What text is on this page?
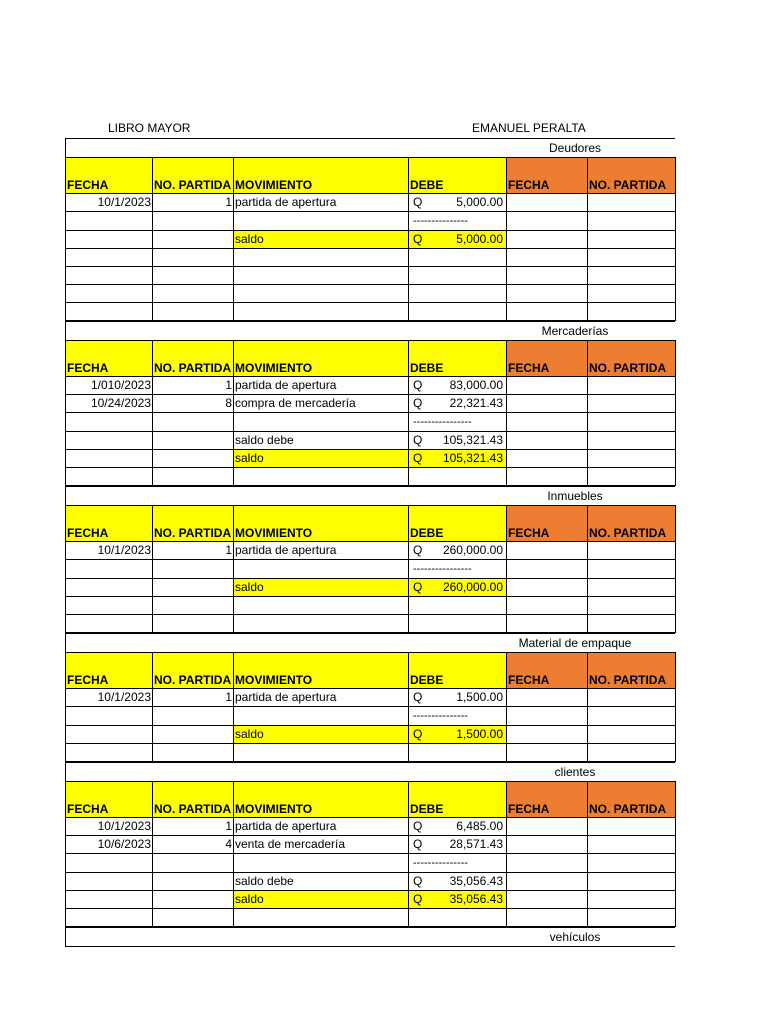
LIBRO MAYOR	EMANUEL PERALTA
Deudores
FECHA	NO. PARTIDA	MOVIMIENTO	DEBE	FECHA	NO. PARTIDA
10/1/2023	1	partida de apertura	Q 5,000.00		

			---------------		
		saldo	Q 5,000.00		

Mercaderías
FECHA	NO. PARTIDA	MOVIMIENTO	DEBE	FECHA	NO. PARTIDA
1/010/2023	1	partida de apertura	Q 83,000.00		

10/24/2023	8	compra de mercadería	Q 22,321.43		

			----------------		
		saldo debe	Q 105,321.43		

		saldo	Q 105,321.43		

Inmuebles
FECHA	NO. PARTIDA	MOVIMIENTO	DEBE	FECHA	NO. PARTIDA
10/1/2023	1	partida de apertura	Q 260,000.00		

			----------------		
		saldo	Q 260,000.00		

Material de empaque
FECHA	NO. PARTIDA	MOVIMIENTO	DEBE	FECHA	NO. PARTIDA
10/1/2023	1	partida de apertura	Q 1,500.00		

			---------------		
		saldo	Q 1,500.00		

clientes
FECHA	NO. PARTIDA	MOVIMIENTO	DEBE	FECHA	NO. PARTIDA
10/1/2023	1	partida de apertura	Q 6,485.00		

10/6/2023	4	venta de mercadería	Q 28,571.43		

			---------------		
		saldo debe	Q 35,056.43		

		saldo	Q 35,056.43		

vehículos
